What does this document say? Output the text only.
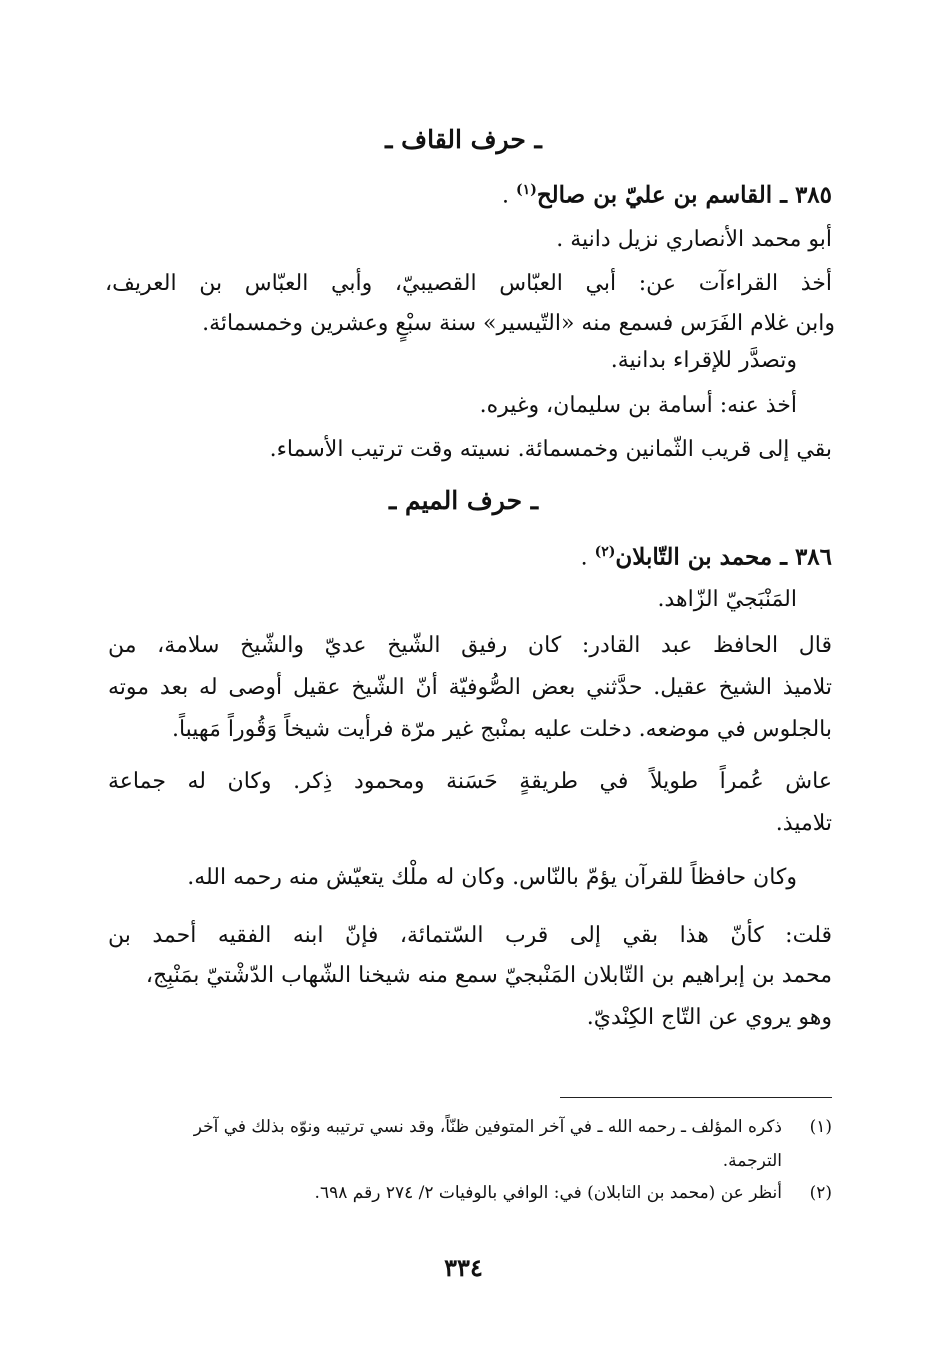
ـ حرف القاف ـ
٣٨٥ ـ القاسم بن عليّ بن صالح$^{(١)}$ .
أبو محمد الأنصاري نزيل دانية .
أخذ القراءآت عن: أبي العبّاس القصيبيّ، وأبي العبّاس بن العريف،
وابن غلام الفَرَس فسمع منه «التّيسير» سنة سبْعٍ وعشرين وخمسمائة.
وتصدَّر للإقراء بدانية.
أخذ عنه: أسامة بن سليمان، وغيره.
بقي إلى قريب الثّمانين وخمسمائة. نسيته وقت ترتيب الأسماء.
ـ حرف الميم ـ
٣٨٦ ـ محمد بن التّابلان$^{(٢)}$ .
المَنْبَجيّ الزّاهد.
قال الحافظ عبد القادر: كان رفيق الشّيخ عديّ والشّيخ سلامة، من
تلاميذ الشيخ عقيل. حدَّثني بعض الصُّوفيّة أنّ الشّيخ عقيل أوصى له بعد موته
بالجلوس في موضعه. دخلت عليه بمنْبج غير مرّة فرأيت شيخاً وَقُوراً مَهيباً.
عاش عُمراً طويلاً في طريقةٍ حَسَنة ومحمود ذِكر. وكان له جماعة
تلاميذ.
وكان حافظاً للقرآن يؤمّ بالنّاس. وكان له ملْك يتعيّش منه رحمه الله.
قلت: كأنّ هذا بقي إلى قرب السّتمائة، فإنّ ابنه الفقيه أحمد بن
محمد بن إبراهيم بن التّابلان المَنْبجيّ سمع منه شيخنا الشّهاب الدّشْتيّ بمَنْبِج،
وهو يروي عن التّاج الكِنْديّ.
(١)ذكره المؤلف ـ رحمه الله ـ في آخر المتوفين ظنّاً، وقد نسي ترتيبه ونوّه بذلك في آخر
الترجمة.
(٢)أنظر عن (محمد بن التابلان) في: الوافي بالوفيات ٢/ ٢٧٤ رقم ٦٩٨.
٣٣٤
